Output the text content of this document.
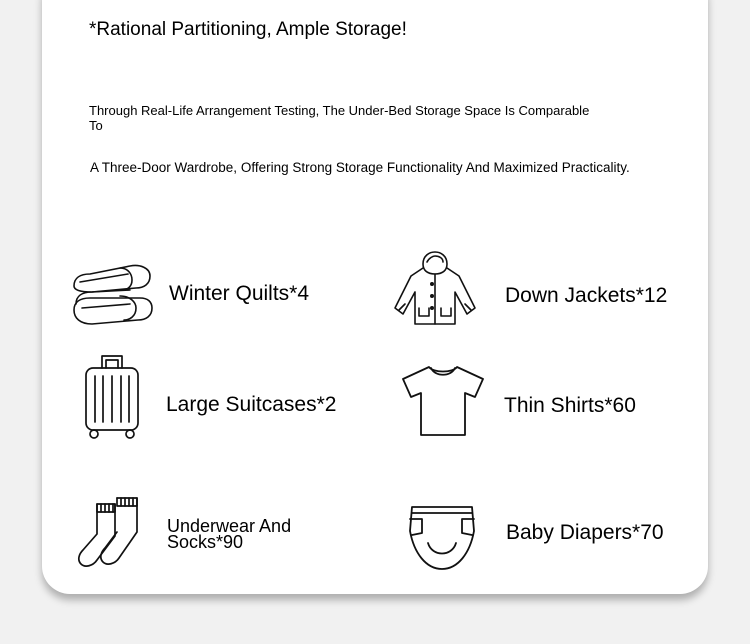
*Rational Partitioning, Ample Storage!
Through Real-Life Arrangement Testing, The Under-Bed Storage Space Is Comparable To
A Three-Door Wardrobe, Offering Strong Storage Functionality And Maximized Practicality.
Winter Quilts*4	Down Jackets*12
Large Suitcases*2	Thin Shirts*60
Underwear And Socks*90	Baby Diapers*70
